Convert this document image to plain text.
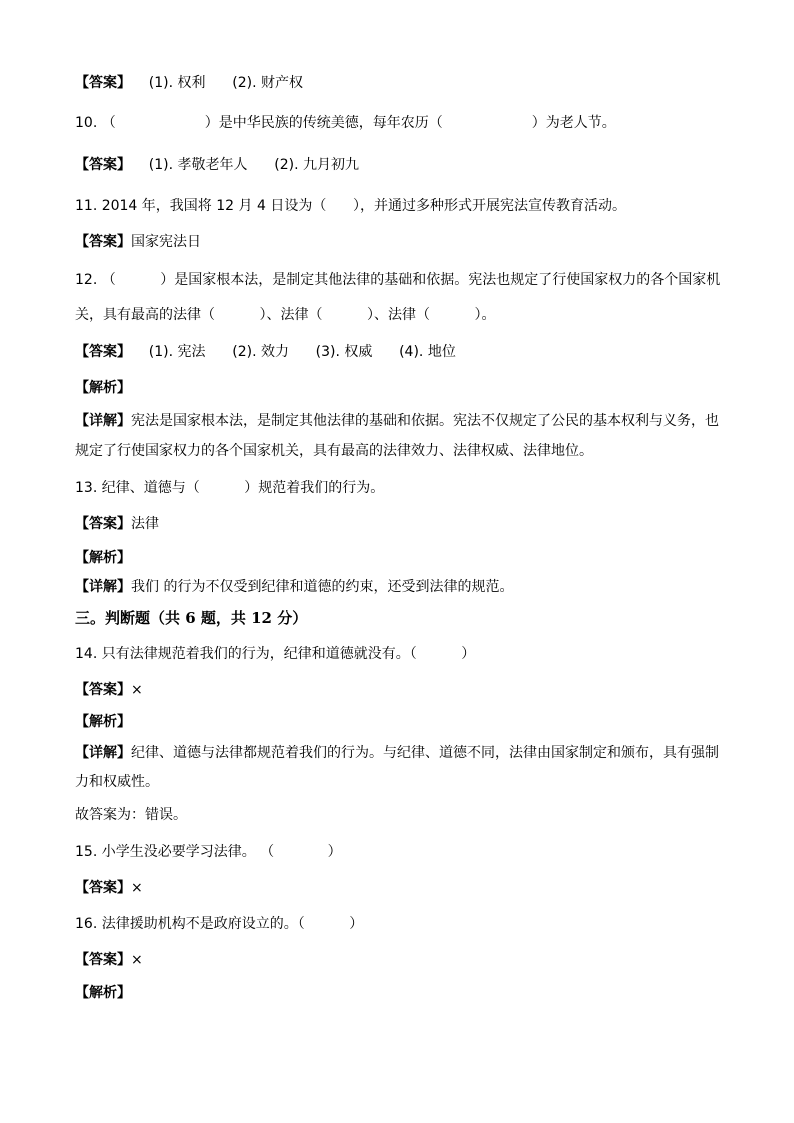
【答案】    (1). 权利      (2). 财产权
10. （                    ）是中华民族的传统美德，每年农历（                    ）为老人节。
【答案】    (1). 孝敬老年人      (2). 九月初九
11. 2014 年，我国将 12 月 4 日设为（      ），并通过多种形式开展宪法宣传教育活动。
【答案】国家宪法日
12. （          ）是国家根本法，是制定其他法律的基础和依据。宪法也规定了行使国家权力的各个国家机
关，具有最高的法律（          ）、法律（          ）、法律（          ）。
【答案】    (1). 宪法      (2). 效力      (3). 权威      (4). 地位
【解析】
【详解】宪法是国家根本法，是制定其他法律的基础和依据。宪法不仅规定了公民的基本权利与义务，也
规定了行使国家权力的各个国家机关，具有最高的法律效力、法律权威、法律地位。
13. 纪律、道德与（          ）规范着我们的行为。
【答案】法律
【解析】
【详解】我们 的行为不仅受到纪律和道德的约束，还受到法律的规范。
三。判断题（共 6 题，共 12 分）
14. 只有法律规范着我们的行为，纪律和道德就没有。（          ）
【答案】×
【解析】
【详解】纪律、道德与法律都规范着我们的行为。与纪律、道德不同，法律由国家制定和颁布，具有强制
力和权威性。
故答案为：错误。
15. 小学生没必要学习法律。 （            ）
【答案】×
16. 法律援助机构不是政府设立的。（          ）
【答案】×
【解析】
